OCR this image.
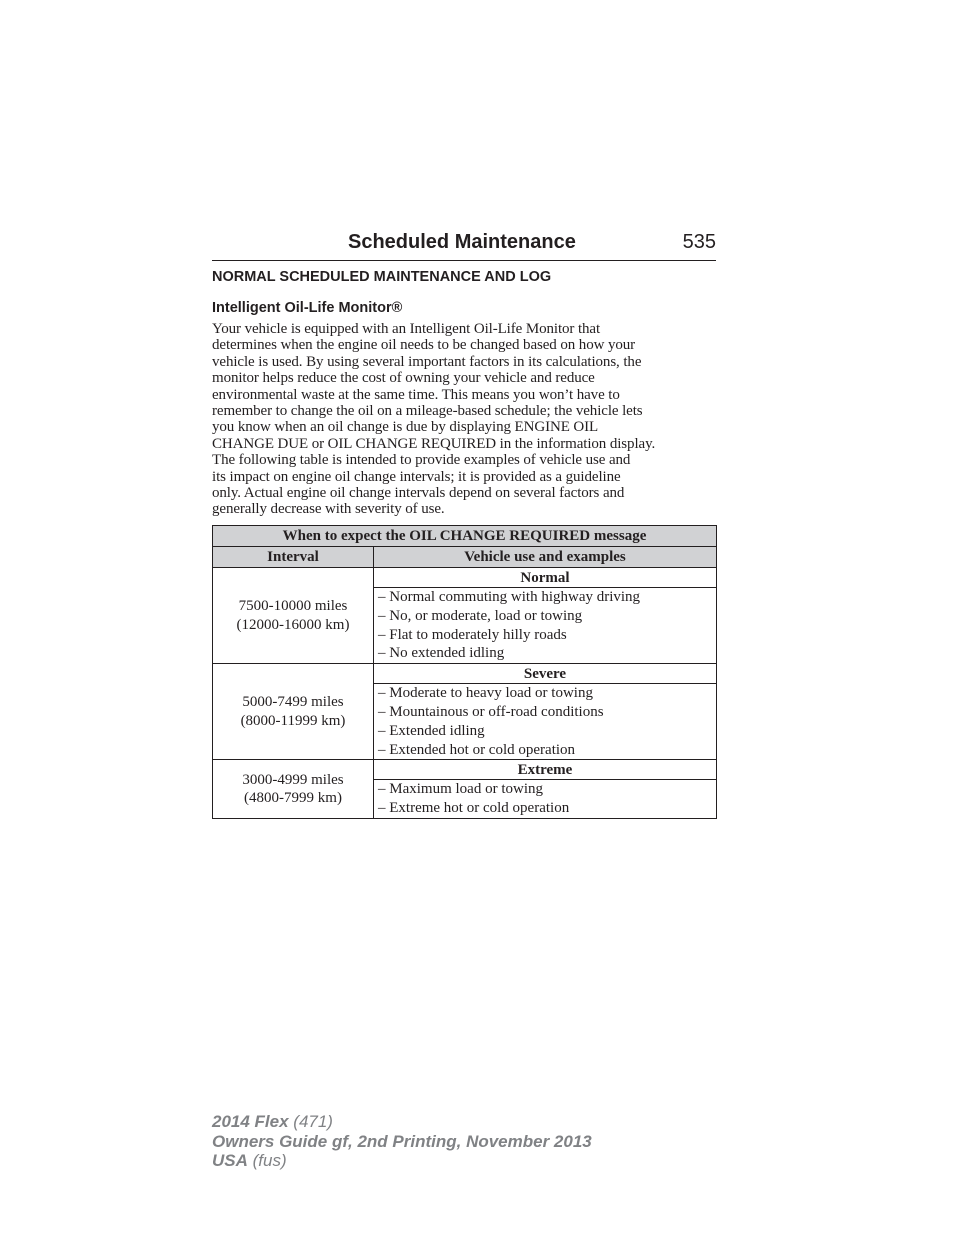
Scheduled Maintenance	535
NORMAL SCHEDULED MAINTENANCE AND LOG
Intelligent Oil-Life Monitor®

Your vehicle is equipped with an Intelligent Oil-Life Monitor that
determines when the engine oil needs to be changed based on how your
vehicle is used. By using several important factors in its calculations, the
monitor helps reduce the cost of owning your vehicle and reduce
environmental waste at the same time. This means you won’t have to
remember to change the oil on a mileage-based schedule; the vehicle lets
you know when an oil change is due by displaying ENGINE OIL
CHANGE DUE or OIL CHANGE REQUIRED in the information display.
The following table is intended to provide examples of vehicle use and
its impact on engine oil change intervals; it is provided as a guideline
only. Actual engine oil change intervals depend on several factors and
generally decrease with severity of use.

When to expect the OIL CHANGE REQUIRED message	
Interval	Vehicle use and examples

7500-10000 miles
(12000-16000 km)	Normal

	– Normal commuting with highway driving
– No, or moderate, load or towing
– Flat to moderately hilly roads
– No extended idling

5000-7499 miles
(8000-11999 km)	Severe

	– Moderate to heavy load or towing
– Mountainous or off-road conditions
– Extended idling
– Extended hot or cold operation

3000-4999 miles
(4800-7999 km)	Extreme

	– Maximum load or towing
– Extreme hot or cold operation
2014 Flex (471)
Owners Guide gf, 2nd Printing, November 2013
USA (fus)
